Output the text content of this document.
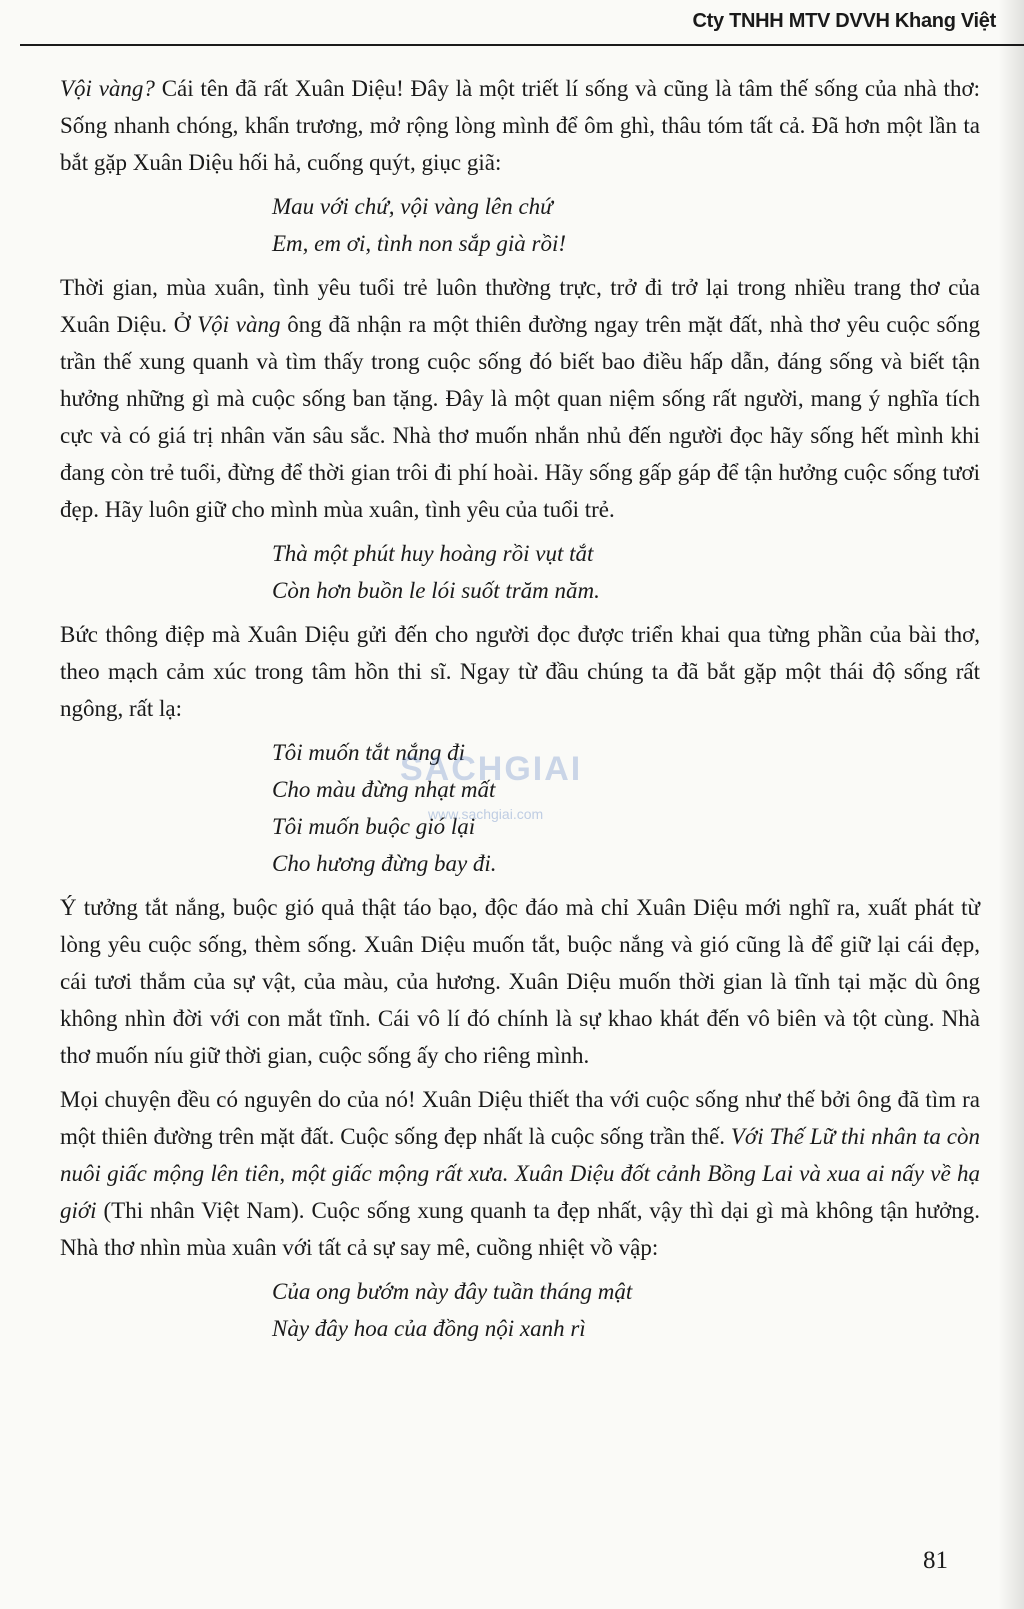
Cty TNHH MTV DVVH Khang Việt

Vội vàng? Cái tên đã rất Xuân Diệu! Đây là một triết lí sống và cũng là tâm thế sống của nhà thơ: Sống nhanh chóng, khẩn trương, mở rộng lòng mình để ôm ghì, thâu tóm tất cả. Đã hơn một lần ta bắt gặp Xuân Diệu hối hả, cuống quýt, giục giã:

Mau với chứ, vội vàng lên chứ
Em, em ơi, tình non sắp già rồi!

Thời gian, mùa xuân, tình yêu tuổi trẻ luôn thường trực, trở đi trở lại trong nhiều trang thơ của Xuân Diệu. Ở Vội vàng ông đã nhận ra một thiên đường ngay trên mặt đất, nhà thơ yêu cuộc sống trần thế xung quanh và tìm thấy trong cuộc sống đó biết bao điều hấp dẫn, đáng sống và biết tận hưởng những gì mà cuộc sống ban tặng. Đây là một quan niệm sống rất người, mang ý nghĩa tích cực và có giá trị nhân văn sâu sắc. Nhà thơ muốn nhắn nhủ đến người đọc hãy sống hết mình khi đang còn trẻ tuổi, đừng để thời gian trôi đi phí hoài. Hãy sống gấp gáp để tận hưởng cuộc sống tươi đẹp. Hãy luôn giữ cho mình mùa xuân, tình yêu của tuổi trẻ.

Thà một phút huy hoàng rồi vụt tắt
Còn hơn buồn le lói suốt trăm năm.

Bức thông điệp mà Xuân Diệu gửi đến cho người đọc được triển khai qua từng phần của bài thơ, theo mạch cảm xúc trong tâm hồn thi sĩ. Ngay từ đầu chúng ta đã bắt gặp một thái độ sống rất ngông, rất lạ:

Tôi muốn tắt nắng đi
Cho màu đừng nhạt mất
Tôi muốn buộc gió lại
Cho hương đừng bay đi.

Ý tưởng tắt nắng, buộc gió quả thật táo bạo, độc đáo mà chỉ Xuân Diệu mới nghĩ ra, xuất phát từ lòng yêu cuộc sống, thèm sống. Xuân Diệu muốn tắt, buộc nắng và gió cũng là để giữ lại cái đẹp, cái tươi thắm của sự vật, của màu, của hương. Xuân Diệu muốn thời gian là tĩnh tại mặc dù ông không nhìn đời với con mắt tĩnh. Cái vô lí đó chính là sự khao khát đến vô biên và tột cùng. Nhà thơ muốn níu giữ thời gian, cuộc sống ấy cho riêng mình.

Mọi chuyện đều có nguyên do của nó! Xuân Diệu thiết tha với cuộc sống như thế bởi ông đã tìm ra một thiên đường trên mặt đất. Cuộc sống đẹp nhất là cuộc sống trần thế. Với Thế Lữ thi nhân ta còn nuôi giấc mộng lên tiên, một giấc mộng rất xưa. Xuân Diệu đốt cảnh Bồng Lai và xua ai nấy về hạ giới (Thi nhân Việt Nam). Cuộc sống xung quanh ta đẹp nhất, vậy thì dại gì mà không tận hưởng. Nhà thơ nhìn mùa xuân với tất cả sự say mê, cuồng nhiệt vồ vập:

Của ong bướm này đây tuần tháng mật
Này đây hoa của đồng nội xanh rì
SACHGIAI
www.sachgiai.com
81
